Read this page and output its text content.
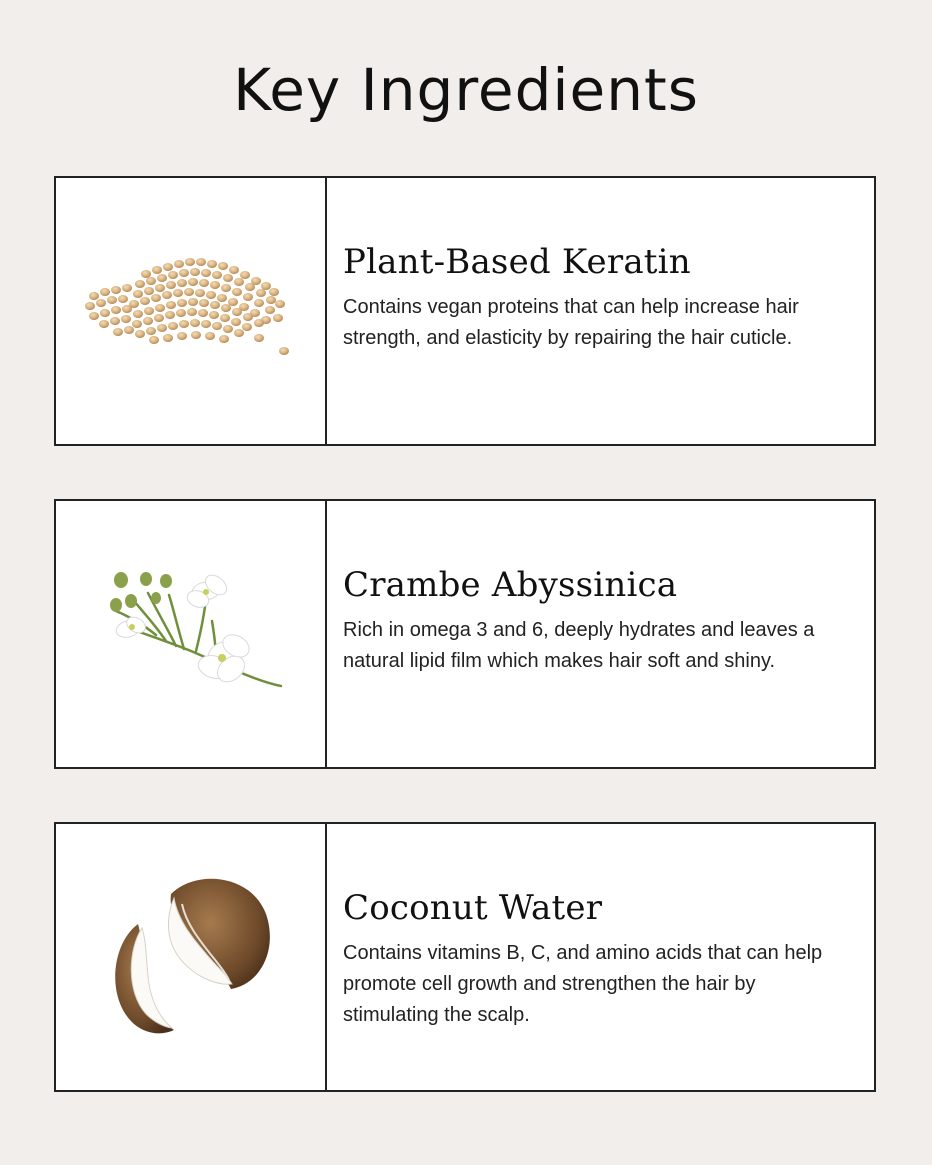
Key Ingredients
Plant-Based Keratin

Contains vegan proteins that can help increase hair strength, and elasticity by repairing the hair cuticle.

Crambe Abyssinica

Rich in omega 3 and 6, deeply hydrates and leaves a natural lipid film which makes hair soft and shiny.

Coconut Water

Contains vitamins B, C, and amino acids that can help promote cell growth and strengthen the hair by stimulating the scalp.
